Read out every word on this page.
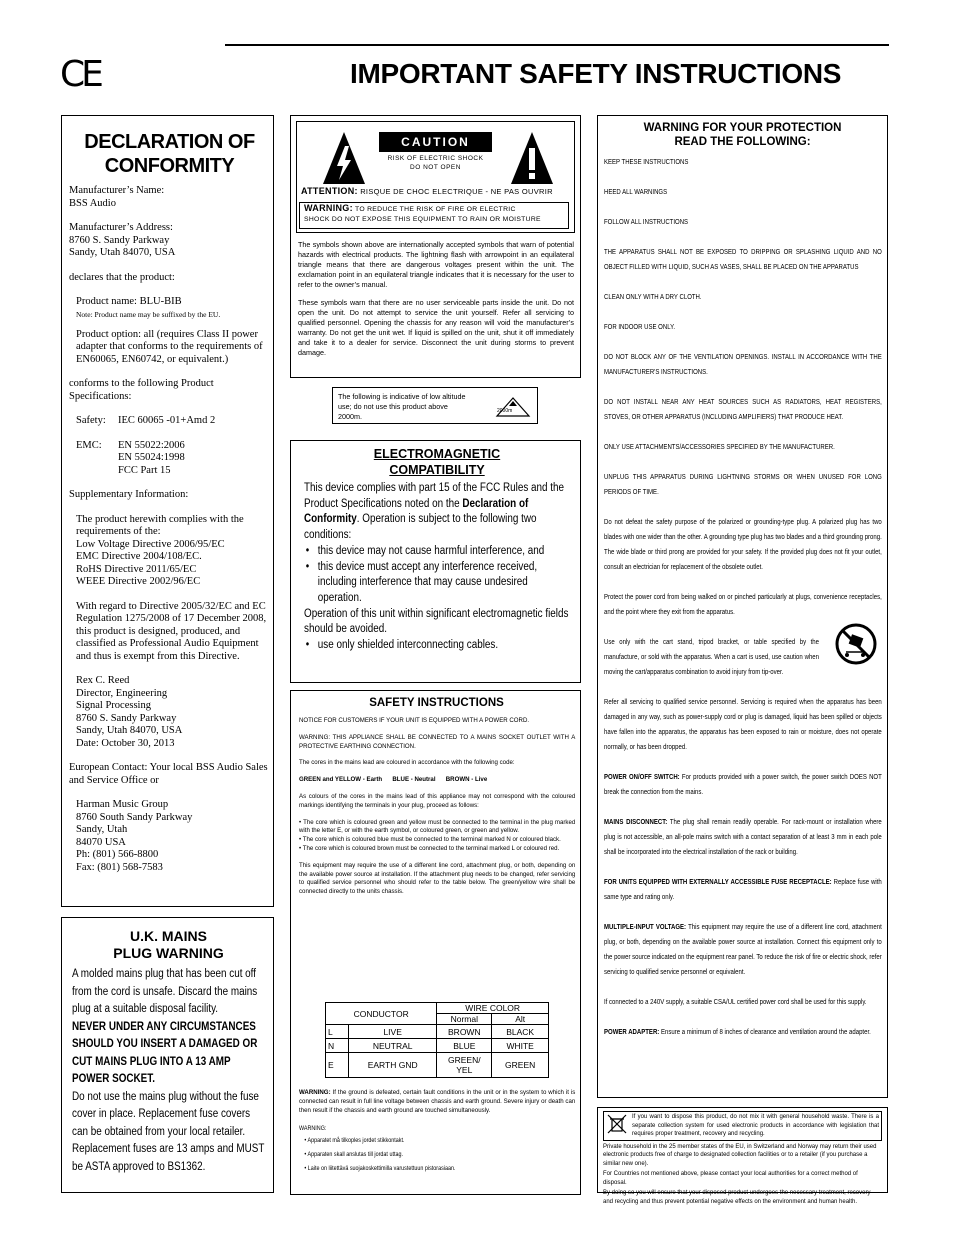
CE	IMPORTANT SAFETY INSTRUCTIONS
DECLARATION OF
CONFORMITY

Manufacturer’s Name:

BSS Audio

Manufacturer’s Address:

8760 S. Sandy Parkway

Sandy, Utah 84070, USA

declares that the product:

Product name: BLU-BIB

Note: Product name may be suffixed by the EU.

Product option: all (requires Class II power adapter that conforms to the requirements of EN60065, EN60742, or equivalent.)

conforms to the following Product Specifications:

Safety:	IEC 60065 -01+Amd 2
EMC:	EN 55022:2006
EN 55024:1998
FCC Part 15

Supplementary Information:

The product herewith complies with the requirements of the:

Low Voltage Directive 2006/95/EC

EMC Directive 2004/108/EC.

RoHS Directive 2011/65/EC

WEEE Directive 2002/96/EC

With regard to Directive 2005/32/EC and EC Regulation 1275/2008 of 17 December 2008, this product is designed, produced, and classified as Professional Audio Equipment and thus is exempt from this Directive.

Rex C. Reed

Director, Engineering

Signal Processing

8760 S. Sandy Parkway

Sandy, Utah 84070, USA

Date: October 30, 2013

European Contact: Your local BSS Audio Sales and Service Office or

Harman Music Group

8760 South Sandy Parkway

Sandy, Utah

84070 USA

Ph: (801) 566-8800

Fax: (801) 568-7583

U.K. MAINS
PLUG WARNING
A molded mains plug that has been cut off from the cord is unsafe. Discard the mains plug at a suitable disposal facility.
NEVER UNDER ANY CIRCUMSTANCES SHOULD YOU INSERT A DAMAGED OR CUT MAINS PLUG INTO A 13 AMP POWER SOCKET.
Do not use the mains plug without the fuse cover in place. Replacement fuse covers can be obtained from your local retailer. Replacement fuses are 13 amps and MUST be ASTA approved to BS1362.
CAUTION
RISK OF ELECTRIC SHOCK
DO NOT OPEN
ATTENTION: RISQUE DE CHOC ELECTRIQUE - NE PAS OUVRIR
WARNING: TO REDUCE THE RISK OF FIRE OR ELECTRIC
SHOCK DO NOT EXPOSE THIS EQUIPMENT TO RAIN OR MOISTURE

The symbols shown above are internationally accepted symbols that warn of potential hazards with electrical products. The lightning flash with arrowpoint in an equilateral triangle means that there are dangerous voltages present within the unit. The exclamation point in an equilateral triangle indicates that it is necessary for the user to refer to the owner’s manual.

These symbols warn that there are no user serviceable parts inside the unit. Do not open the unit. Do not attempt to service the unit yourself. Refer all servicing to qualified personnel. Opening the chassis for any reason will void the manufacturer’s warranty. Do not get the unit wet. If liquid is spilled on the unit, shut it off immediately and take it to a dealer for service. Disconnect the unit during storms to prevent damage.

The following is indicative of low altitude use; do not use this product above 2000m.
2000m
ELECTROMAGNETIC
COMPATIBILITY
This device complies with part 15 of the FCC Rules and the Product Specifications noted on the Declaration of Conformity. Operation is subject to the following two conditions:
• this device may not cause harmful interference, and
• this device must accept any interference received, including interference that may cause undesired operation.
Operation of this unit within significant electromagnetic fields should be avoided.
• use only shielded interconnecting cables.
SAFETY INSTRUCTIONS

NOTICE FOR CUSTOMERS IF YOUR UNIT IS EQUIPPED WITH A POWER CORD.

WARNING: THIS APPLIANCE SHALL BE CONNECTED TO A MAINS SOCKET OUTLET WITH A PROTECTIVE EARTHING CONNECTION.

The cores in the mains lead are coloured in accordance with the following code:

GREEN and YELLOW - Earth BLUE - Neutral BROWN - Live

As colours of the cores in the mains lead of this appliance may not correspond with the coloured markings identifying the terminals in your plug, proceed as follows:

• The core which is coloured green and yellow must be connected to the terminal in the plug marked with the letter E, or with the earth symbol, or coloured green, or green and yellow.

• The core which is coloured blue must be connected to the terminal marked N or coloured black.

• The core which is coloured brown must be connected to the terminal marked L or coloured red.

This equipment may require the use of a different line cord, attachment plug, or both, depending on the available power source at installation. If the attachment plug needs to be changed, refer servicing to qualified service personnel who should refer to the table below. The green/yellow wire shall be connected directly to the units chassis.

CONDUCTOR		WIRE COLOR	
		Normal	Alt
L	LIVE	BROWN	BLACK
N	NEUTRAL	BLUE	WHITE
E	EARTH GND	GREEN/ YEL	GREEN

WARNING: If the ground is defeated, certain fault conditions in the unit or in the system to which it is connected can result in full line voltage between chassis and earth ground. Severe injury or death can then result if the chassis and earth ground are touched simultaneously.

WARNING:

• Apparatet må tilkoples jordet stikkontakt.

• Apparaten skall anslutas till jordat uttag.

• Laite on liitettävä suojakoskettimilla varustettuun pistorasiaan.

WARNING FOR YOUR PROTECTION
READ THE FOLLOWING:

KEEP THESE INSTRUCTIONS

HEED ALL WARNINGS

FOLLOW ALL INSTRUCTIONS

THE APPARATUS SHALL NOT BE EXPOSED TO DRIPPING OR SPLASHING LIQUID AND NO OBJECT FILLED WITH LIQUID, SUCH AS VASES, SHALL BE PLACED ON THE APPARATUS

CLEAN ONLY WITH A DRY CLOTH.

FOR INDOOR USE ONLY.

DO NOT BLOCK ANY OF THE VENTILATION OPENINGS. INSTALL IN ACCORDANCE WITH THE MANUFACTURER'S INSTRUCTIONS.

DO NOT INSTALL NEAR ANY HEAT SOURCES SUCH AS RADIATORS, HEAT REGISTERS, STOVES, OR OTHER APPARATUS (INCLUDING AMPLIFIERS) THAT PRODUCE HEAT.

ONLY USE ATTACHMENTS/ACCESSORIES SPECIFIED BY THE MANUFACTURER.

UNPLUG THIS APPARATUS DURING LIGHTNING STORMS OR WHEN UNUSED FOR LONG PERIODS OF TIME.

Do not defeat the safety purpose of the polarized or grounding-type plug. A polarized plug has two blades with one wider than the other. A grounding type plug has two blades and a third grounding prong. The wide blade or third prong are provided for your safety. If the provided plug does not fit your outlet, consult an electrician for replacement of the obsolete outlet.

Protect the power cord from being walked on or pinched particularly at plugs, convenience receptacles, and the point where they exit from the apparatus.

Use only with the cart stand, tripod bracket, or table specified by the manufacture, or sold with the apparatus. When a cart is used, use caution when moving the cart/apparatus combination to avoid injury from tip-over.

Refer all servicing to qualified service personnel. Servicing is required when the apparatus has been damaged in any way, such as power-supply cord or plug is damaged, liquid has been spilled or objects have fallen into the apparatus, the apparatus has been exposed to rain or moisture, does not operate normally, or has been dropped.

POWER ON/OFF SWITCH: For products provided with a power switch, the power switch DOES NOT break the connection from the mains.

MAINS DISCONNECT: The plug shall remain readily operable. For rack-mount or installation where plug is not accessible, an all-pole mains switch with a contact separation of at least 3 mm in each pole shall be incorporated into the electrical installation of the rack or building.

FOR UNITS EQUIPPED WITH EXTERNALLY ACCESSIBLE FUSE RECEPTACLE: Replace fuse with same type and rating only.

MULTIPLE-INPUT VOLTAGE: This equipment may require the use of a different line cord, attachment plug, or both, depending on the available power source at installation. Connect this equipment only to the power source indicated on the equipment rear panel. To reduce the risk of fire or electric shock, refer servicing to qualified service personnel or equivalent.

If connected to a 240V supply, a suitable CSA/UL certified power cord shall be used for this supply.

POWER ADAPTER: Ensure a minimum of 8 inches of clearance and ventilation around the adapter.

If you want to dispose this product, do not mix it with general household waste. There is a separate collection system for used electronic products in accordance with legislation that requires proper treatment, recovery and recycling.

Private household in the 25 member states of the EU, in Switzerland and Norway may return their used electronic products free of charge to designated collection facilities or to a retailer (if you purchase a similar new one).

For Countries not mentioned above, please contact your local authorities for a correct method of disposal.

By doing so you will ensure that your disposed product undergoes the necessary treatment, recovery and recycling and thus prevent potential negative effects on the environment and human health.
